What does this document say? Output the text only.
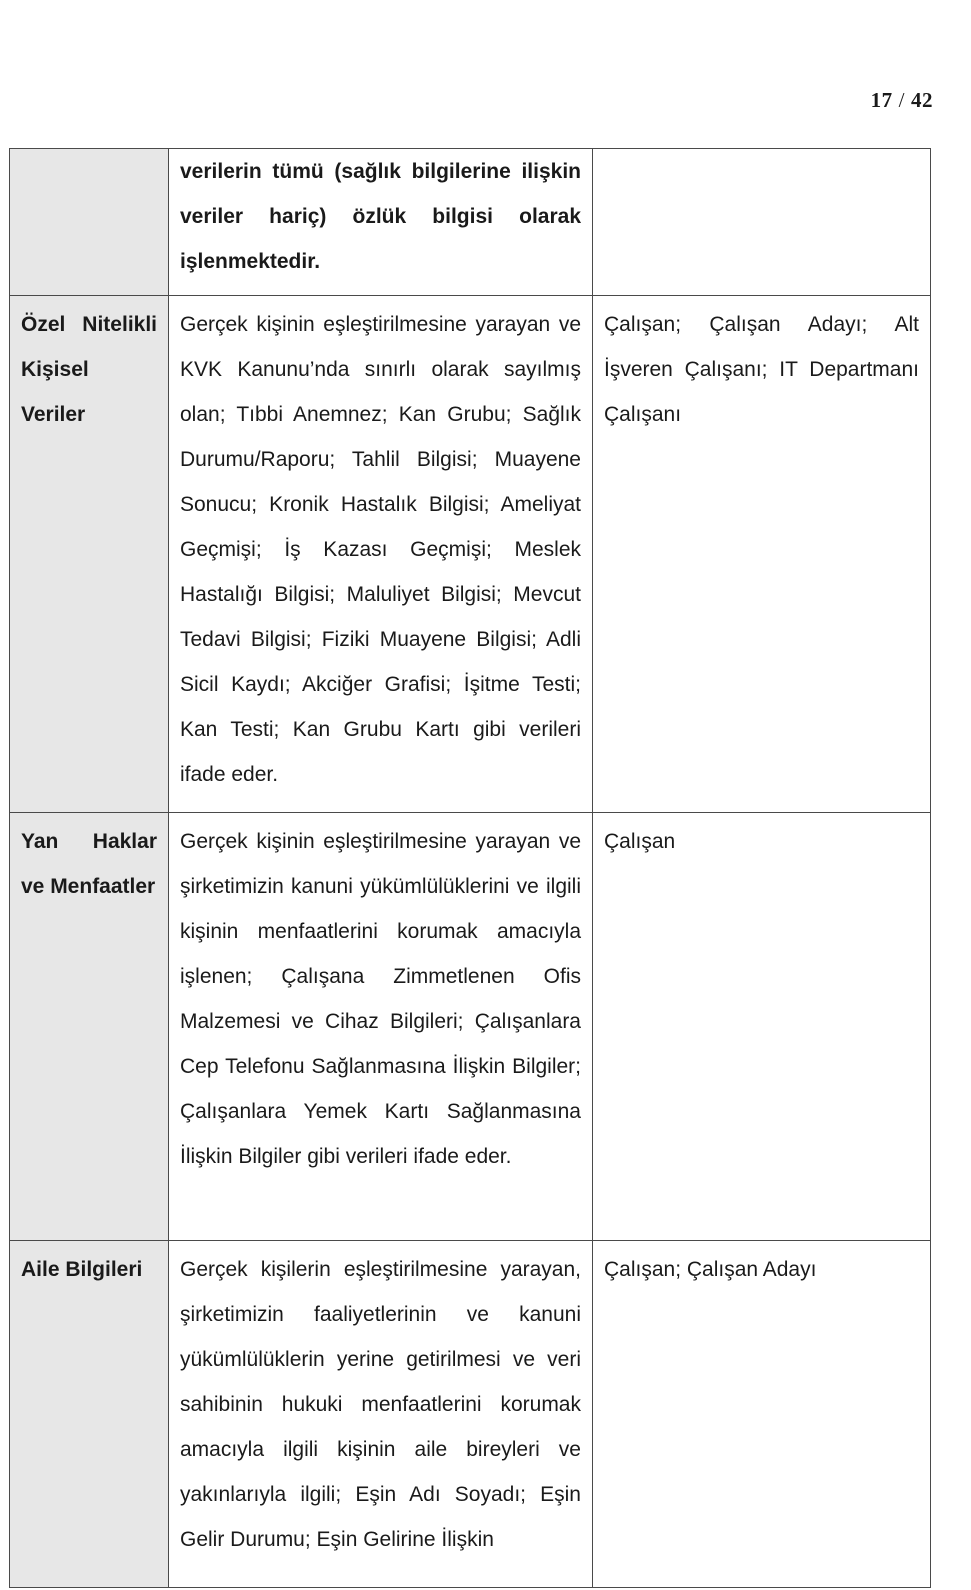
17 / 42
	verilerin tümü (sağlık bilgilerine ilişkin veriler hariç) özlük bilgisi olarak işlenmektedir.	
Özel Nitelikli Kişisel Veriler	Gerçek kişinin eşleştirilmesine yarayan ve KVK Kanunu’nda sınırlı olarak sayılmış olan; Tıbbi Anemnez; Kan Grubu; Sağlık Durumu/Raporu; Tahlil Bilgisi; Muayene Sonucu; Kronik Hastalık Bilgisi; Ameliyat Geçmişi; İş Kazası Geçmişi; Meslek Hastalığı Bilgisi; Maluliyet Bilgisi; Mevcut Tedavi Bilgisi; Fiziki Muayene Bilgisi; Adli Sicil Kaydı; Akciğer Grafisi; İşitme Testi; Kan Testi; Kan Grubu Kartı gibi verileri ifade eder.	Çalışan; Çalışan Adayı; Alt İşveren Çalışanı; IT Departmanı Çalışanı
Yan Haklar ve Menfaatler	Gerçek kişinin eşleştirilmesine yarayan ve şirketimizin kanuni yükümlülüklerini ve ilgili kişinin menfaatlerini korumak amacıyla işlenen; Çalışana Zimmetlenen Ofis Malzemesi ve Cihaz Bilgileri; Çalışanlara Cep Telefonu Sağlanmasına İlişkin Bilgiler; Çalışanlara Yemek Kartı Sağlanmasına İlişkin Bilgiler gibi verileri ifade eder.	Çalışan

Aile Bilgileri	Gerçek kişilerin eşleştirilmesine yarayan, şirketimizin faaliyetlerinin ve kanuni yükümlülüklerin yerine getirilmesi ve veri sahibinin hukuki menfaatlerini korumak amacıyla ilgili kişinin aile bireyleri ve yakınlarıyla ilgili; Eşin Adı Soyadı; Eşin Gelir Durumu; Eşin Gelirine İlişkin	Çalışan; Çalışan Adayı
